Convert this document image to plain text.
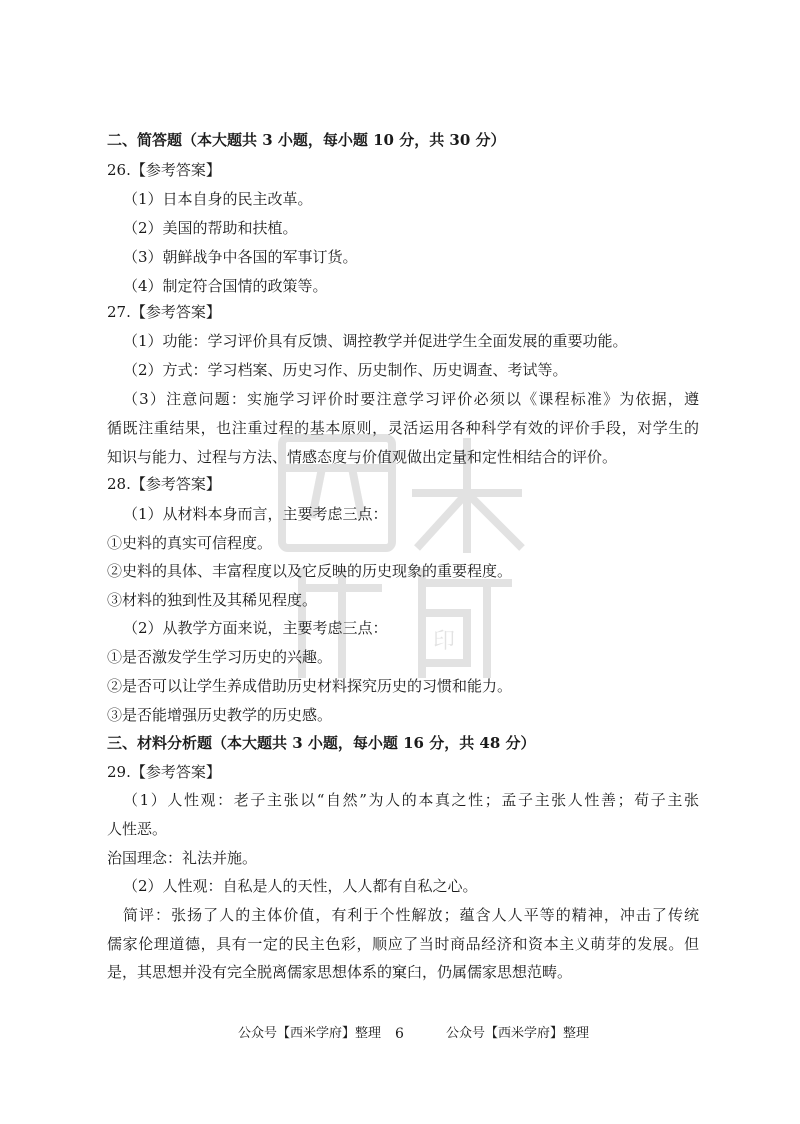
印
二、简答题（本大题共 3 小题，每小题 10 分，共 30 分）
26.【参考答案】
（1）日本自身的民主改革。
（2）美国的帮助和扶植。
（3）朝鲜战争中各国的军事订货。
（4）制定符合国情的政策等。
27.【参考答案】
（1）功能：学习评价具有反馈、调控教学并促进学生全面发展的重要功能。
（2）方式：学习档案、历史习作、历史制作、历史调查、考试等。
（3）注意问题：实施学习评价时要注意学习评价必须以《课程标准》为依据，遵
循既注重结果，也注重过程的基本原则，灵活运用各种科学有效的评价手段，对学生的
知识与能力、过程与方法、情感态度与价值观做出定量和定性相结合的评价。
28.【参考答案】
（1）从材料本身而言，主要考虑三点：
①史料的真实可信程度。
②史料的具体、丰富程度以及它反映的历史现象的重要程度。
③材料的独到性及其稀见程度。
（2）从教学方面来说，主要考虑三点：
①是否激发学生学习历史的兴趣。
②是否可以让学生养成借助历史材料探究历史的习惯和能力。
③是否能增强历史教学的历史感。
三、材料分析题（本大题共 3 小题，每小题 16 分，共 48 分）
29.【参考答案】
（1）人性观：老子主张以“自然”为人的本真之性；孟子主张人性善；荀子主张
人性恶。
治国理念：礼法并施。
（2）人性观：自私是人的天性，人人都有自私之心。
简评：张扬了人的主体价值，有利于个性解放；蕴含人人平等的精神，冲击了传统
儒家伦理道德，具有一定的民主色彩，顺应了当时商品经济和资本主义萌芽的发展。但
是，其思想并没有完全脱离儒家思想体系的窠臼，仍属儒家思想范畴。
公众号【西米学府】整理 6	公众号【西米学府】整理
